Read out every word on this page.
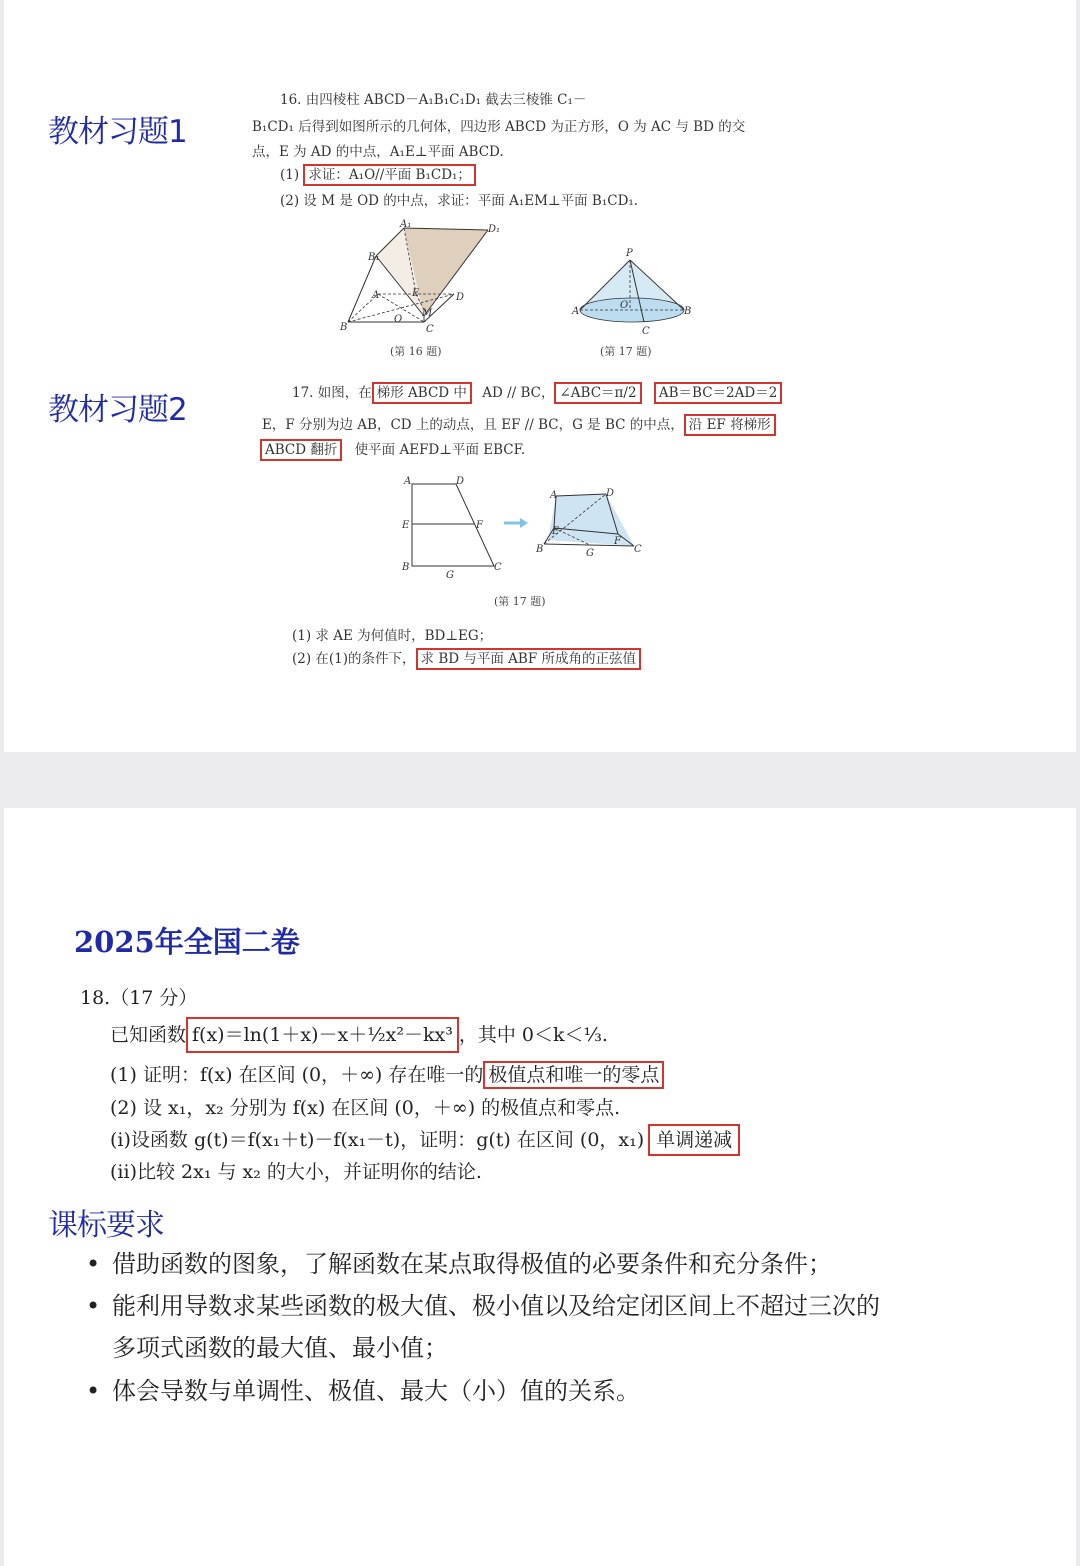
教材习题1
教材习题2
16. 由四棱柱 ABCD－A₁B₁C₁D₁ 截去三棱锥 C₁－
B₁CD₁ 后得到如图所示的几何体，四边形 ABCD 为正方形，O 为 AC 与 BD 的交
点，E 为 AD 的中点，A₁E⊥平面 ABCD.
(1) 求证：A₁O//平面 B₁CD₁；
(2) 设 M 是 OD 的中点，求证：平面 A₁EM⊥平面 B₁CD₁.
A₁	D₁
B₁
A	E	D
M
O
B	C
(第 16 题)
P
A
O
B
C
(第 17 题)
17. 如图，在 梯形 ABCD 中 AD // BC， ∠ABC＝π/2 AB＝BC＝2AD＝2
E，F 分别为边 AB，CD 上的动点，且 EF // BC，G 是 BC 的中点， 沿 EF 将梯形
ABCD 翻折 使平面 AEFD⊥平面 EBCF.
A	D
E	F
B
G
C
A	D
E
F
B	G	C
(第 17 题)
(1) 求 AE 为何值时，BD⊥EG；
(2) 在(1)的条件下， 求 BD 与平面 ABF 所成角的正弦值
2025年全国二卷
18.（17 分）
已知函数 f(x)＝ln(1＋x)－x＋½x²－kx³ ，其中 0＜k＜⅓.
(1) 证明：f(x) 在区间 (0，＋∞) 存在唯一的 极值点和唯一的零点
(2) 设 x₁，x₂ 分别为 f(x) 在区间 (0，＋∞) 的极值点和零点.
(i)设函数 g(t)＝f(x₁＋t)－f(x₁－t)，证明：g(t) 在区间 (0，x₁) 单调递减
(ii)比较 2x₁ 与 x₂ 的大小，并证明你的结论.
课标要求
• 借助函数的图象，了解函数在某点取得极值的必要条件和充分条件；
• 能利用导数求某些函数的极大值、极小值以及给定闭区间上不超过三次的
多项式函数的最大值、最小值；
• 体会导数与单调性、极值、最大（小）值的关系。
